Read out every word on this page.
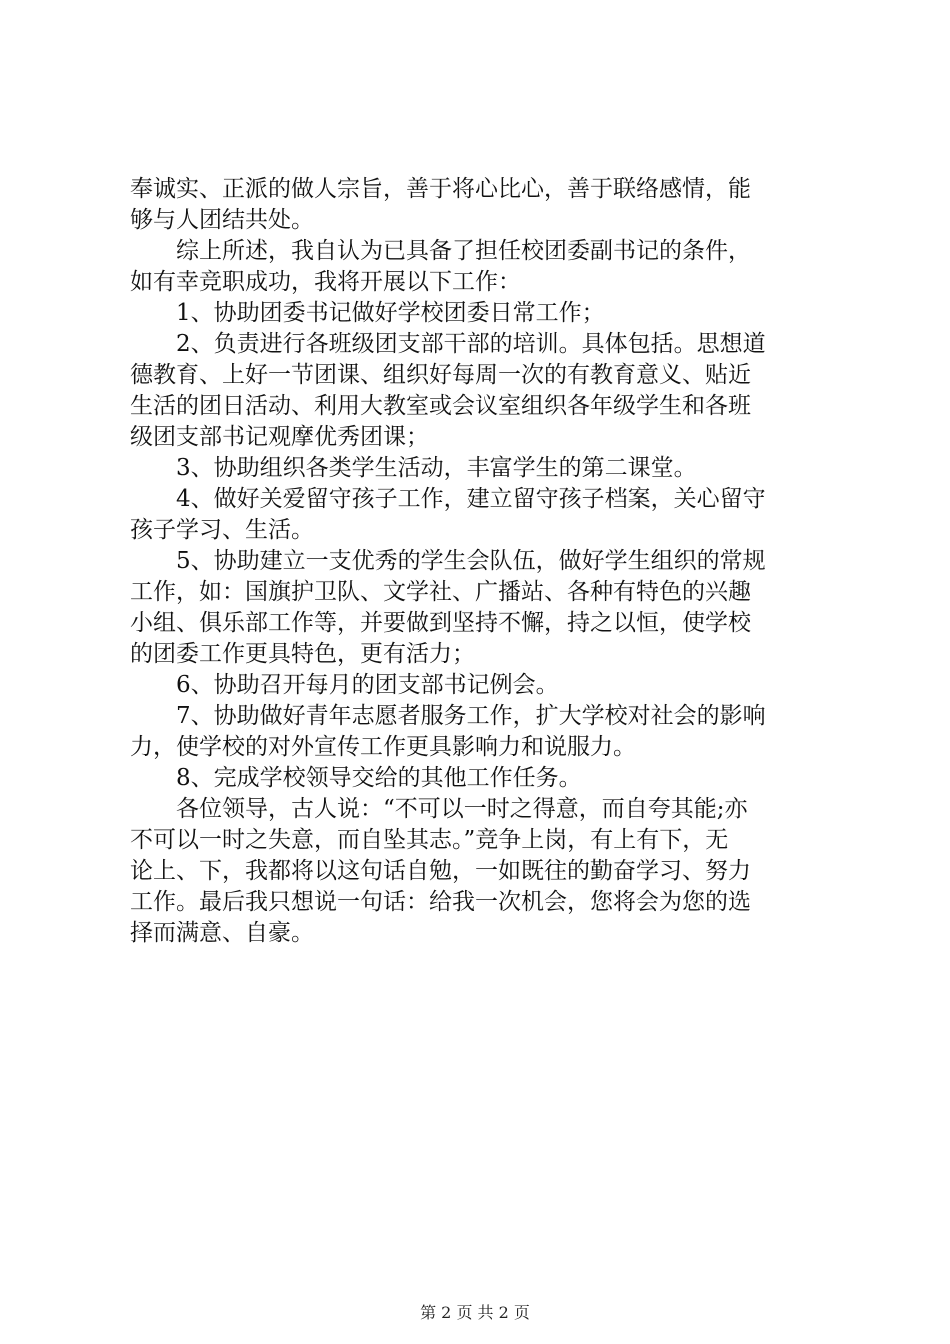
奉诚实、正派的做人宗旨，善于将心比心，善于联络感情，能
够与人团结共处。
综上所述，我自认为已具备了担任校团委副书记的条件，
如有幸竞职成功，我将开展以下工作：
1、协助团委书记做好学校团委日常工作；
2、负责进行各班级团支部干部的培训。具体包括。思想道
德教育、上好一节团课、组织好每周一次的有教育意义、贴近
生活的团日活动、利用大教室或会议室组织各年级学生和各班
级团支部书记观摩优秀团课；
3、协助组织各类学生活动，丰富学生的第二课堂。
4、做好关爱留守孩子工作，建立留守孩子档案，关心留守
孩子学习、生活。
5、协助建立一支优秀的学生会队伍，做好学生组织的常规
工作，如：国旗护卫队、文学社、广播站、各种有特色的兴趣
小组、俱乐部工作等，并要做到坚持不懈，持之以恒，使学校
的团委工作更具特色，更有活力；
6、协助召开每月的团支部书记例会。
7、协助做好青年志愿者服务工作，扩大学校对社会的影响
力，使学校的对外宣传工作更具影响力和说服力。
8、完成学校领导交给的其他工作任务。
各位领导，古人说：“不可以一时之得意，而自夸其能;亦
不可以一时之失意，而自坠其志。”竞争上岗，有上有下，无
论上、下，我都将以这句话自勉，一如既往的勤奋学习、努力
工作。最后我只想说一句话：给我一次机会，您将会为您的选
择而满意、自豪。
第 2 页 共 2 页
